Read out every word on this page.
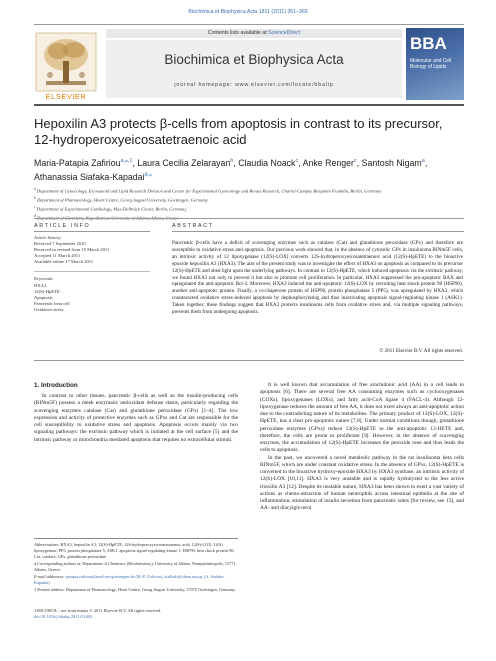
Biochimica et Biophysica Acta 1811 (2011) 361–369
ELSEVIER
Contents lists available at ScienceDirect
Biochimica et Biophysica Acta
journal homepage: www.elsevier.com/locate/bbalip
BBA
Molecular and Cell Biology of Lipids
Hepoxilin A3 protects β-cells from apoptosis in contrast to its precursor, 12-hydroperoxyeicosatetraenoic acid
Maria-Patapia Zafiriou$^{a,⁎,1}$, Laura Cecilia Zelarayan$^b$, Claudia Noack$^c$, Anke Renger$^c$, Santosh Nigam$^a$, Athanassia Siafaka-Kapadai$^{d,⁎}$
$^a$ Department of Gynecology, Eicosanoid and Lipid Research Division and Center for Experimental Gynecology and Breast Research, Charité-Campus Benjamin Franklin, Berlin, Germany
$^b$ Department of Pharmacology, Heart Centre, Georg August University, Goettingen, Germany
$^c$ Department of Experimental Cardiology, Max-Delbrück Center, Berlin, Germany
$^d$ Department of Chemistry, Kapodistrian University of Athens, Athens, Greece
ARTICLE INFO	ABSTRACT
Article history:
Received 7 September 2010
Received in revised form 10 March 2011
Accepted 11 March 2011
Available online 17 March 2011
Keywords:
HXA3
12(S)-HpETE
Apoptosis
Pancreatic beta cell
Oxidative stress
Pancreatic β-cells have a deficit of scavenging enzymes such as catalase (Cat) and glutathione peroxidase (GPx) and therefore are susceptible to oxidative stress and apoptosis. Our previous work showed that, in the absence of cytosolic GPx in insulinoma RINm5F cells, an intrinsic activity of 12 lipoxygenase (12(S)-LOX) converts 12S-hydroperoxyeicosatetraenoic acid (12(S)-HpETE) to the bioactive epoxide hepoxilin A3 (HXA3). The aim of the present study was to investigate the effect of HXA3 on apoptosis as compared to its precursor 12(S)-HpETE and shed light upon the underlying pathways. In contrast to 12(S)-HpETE, which induced apoptosis via the extrinsic pathway, we found HXA3 not only to prevent it but also to promote cell proliferation. In particular, HXA3 suppressed the pro-apoptotic BAX and upregulated the anti-apoptotic Bcl-2. Moreover, HXA3 induced the anti-apoptotic 12(S)-LOX by recruiting heat shock protein 90 (HSP90), another anti-apoptotic protein. Finally, a co-chaperone protein of HSP90, protein phosphatase 5 (PP5), was upregulated by HXA3, which counteracted oxidative stress-induced apoptosis by dephosphorylating and thus inactivating apoptosis signal-regulating kinase 1 (ASK1). Taken together, these findings suggest that HXA3 protects insulinoma cells from oxidative stress and, via multiple signaling pathways, prevents them from undergoing apoptosis.
© 2011 Elsevier B.V. All rights reserved.
1. Introduction

In contrast to other tissues, pancreatic β-cells as well as the insulin-producing cells (RINm5F) possess a meek enzymatic antioxidant defense status, particularly regarding the scavenging enzymes catalase (Cat) and glutathione peroxidase (GPx) [1–4]. The low expression and activity of protective enzymes such as GPxs and Cat are responsible for the cell susceptibility to oxidative stress and apoptosis. Apoptosis occurs mainly via two signaling pathways: the extrinsic pathway which is initiated at the cell surface [5] and the intrinsic pathway or mitochondria mediated apoptosis that requires no extracellular stimuli.

It is well known that accumulation of free arachidonic acid (AA) in a cell leads to apoptosis [6]. There are several free AA consuming enzymes such as cyclooxygenases (COXs), lipoxygenases (LOXs), and fatty acid-CoA ligase 4 (FACL-4). Although 12-lipoxygenase reduces the amount of free AA, it does not exert always an anti-apoptotic action due to the contradicting nature of its metabolites. The primary product of 12(S)-LOX, 12(S)-HpETE, has a clear pro-apoptotic nature [7,8]. Under normal conditions though, glutathione peroxidase enzymes (GPxs) reduce 12(S)-HpETE to the anti-apoptotic 12-HETE and, therefore, the cells are prone to proliferate [9]. However, in the absence of scavenging enzymes, the accumulation of 12(S)-HpETE increases the peroxide tone and thus leads the cells to apoptosis.

In the past, we uncovered a novel metabolic pathway in the rat insulinoma beta cells RINm5F, which are under constant oxidative stress. In the absence of GPxs, 12(S)-HpETE is converted to the bioactive hydroxy-epoxide HXA3 by HXA3 synthase, an intrinsic activity of 12(S)-LOX [10,11]. HXA3 is very unstable and is rapidly hydrolyzed to the less active trioxilin A3 [12]. Despite its unstable nature, HXA3 has been shown to exert a vast variety of actions as chemo-attraction of human neutrophils across intestinal epithelia at the site of inflammation, stimulation of insulin secretion from pancreatic islets [for review, see 13], and AA- and diacylglycerol

Abbreviations: HXA3, hepoxilin A3; 12(S)-HpETE, 12S-hydroperoxyeicosatetraenoic acid; 12(S)-LOX, 12(S) lipoxygenase; PP5, protein phosphatase 5; ASK1, apoptosis signal-regulating kinase 1; HSP90, heat shock protein 90; Cat, catalase; GPx, glutathione peroxidase

⁎ Corresponding authors at: Department of Chemistry (Biochemistry), University of Athens, Panepistimiopolis, 15771 Athens, Greece.

E-mail addresses: patapia.zafiriou@med.uni-goettingen.de (M.-P. Zafiriou), sialkaki@chem.uoa.gr (A. Siafaka-Kapadai).

1 Present address: Department of Pharmacology, Heart Centre, Georg August University, 37075 Goettingen, Germany.

1388-1981/$ – see front matter © 2011 Elsevier B.V. All rights reserved.
doi:10.1016/j.bbalip.2011.03.002
